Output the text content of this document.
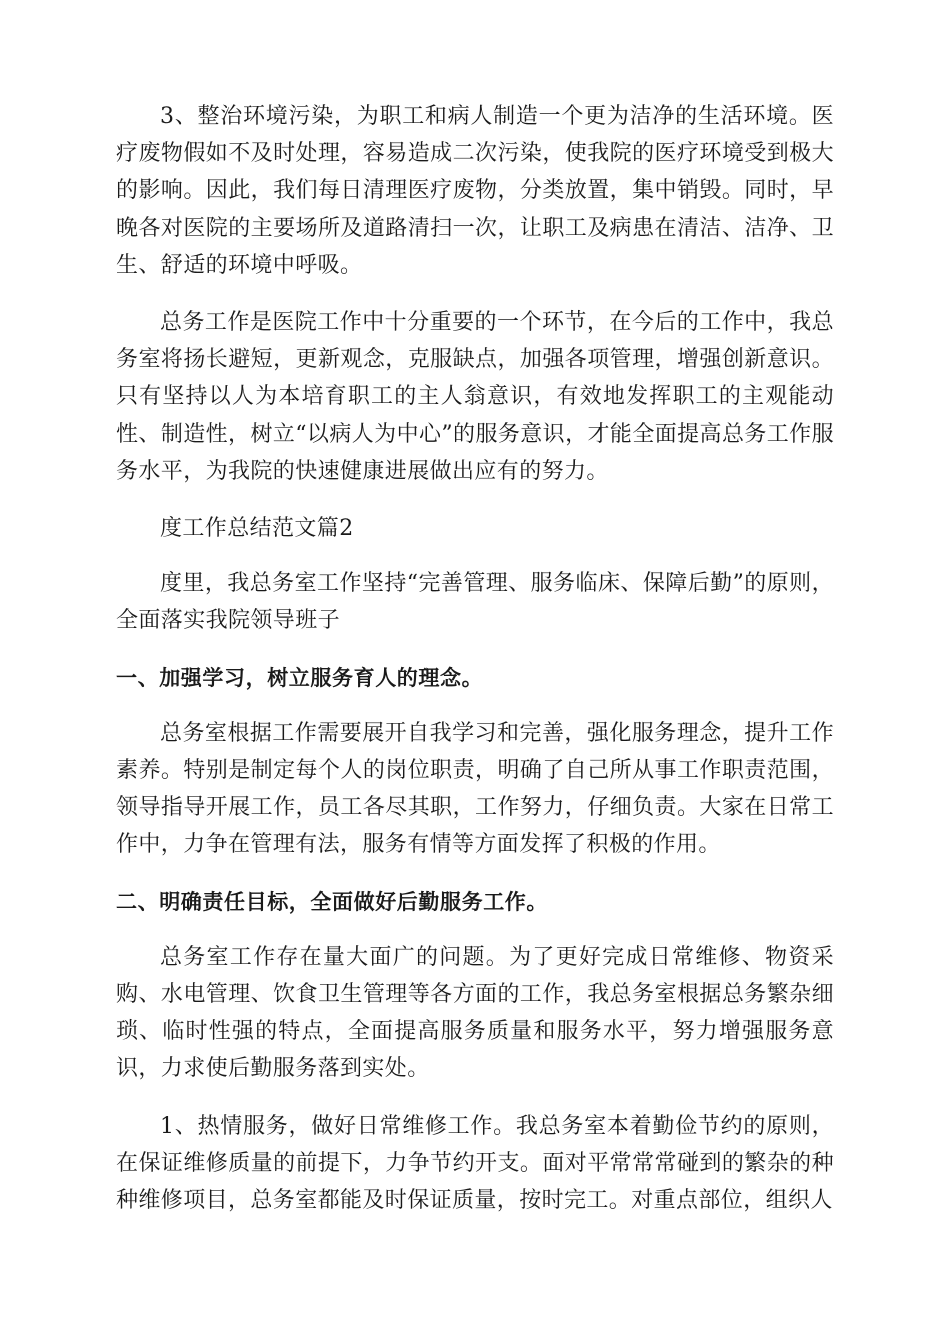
3、整治环境污染，为职工和病人制造一个更为洁净的生活环境。医疗废物假如不及时处理，容易造成二次污染，使我院的医疗环境受到极大的影响。因此，我们每日清理医疗废物，分类放置，集中销毁。同时，早晚各对医院的主要场所及道路清扫一次，让职工及病患在清洁、洁净、卫生、舒适的环境中呼吸。

总务工作是医院工作中十分重要的一个环节，在今后的工作中，我总务室将扬长避短，更新观念，克服缺点，加强各项管理，增强创新意识。只有坚持以人为本培育职工的主人翁意识，有效地发挥职工的主观能动性、制造性，树立“以病人为中心”的服务意识，才能全面提高总务工作服务水平，为我院的快速健康进展做出应有的努力。

度工作总结范文篇2

度里，我总务室工作坚持“完善管理、服务临床、保障后勤”的原则，全面落实我院领导班子

一、加强学习，树立服务育人的理念。

总务室根据工作需要展开自我学习和完善，强化服务理念，提升工作素养。特别是制定每个人的岗位职责，明确了自己所从事工作职责范围，领导指导开展工作，员工各尽其职，工作努力，仔细负责。大家在日常工作中，力争在管理有法，服务有情等方面发挥了积极的作用。

二、明确责任目标，全面做好后勤服务工作。

总务室工作存在量大面广的问题。为了更好完成日常维修、物资采购、水电管理、饮食卫生管理等各方面的工作，我总务室根据总务繁杂细琐、临时性强的特点，全面提高服务质量和服务水平，努力增强服务意识，力求使后勤服务落到实处。

1、热情服务，做好日常维修工作。我总务室本着勤俭节约的原则，在保证维修质量的前提下，力争节约开支。面对平常常常碰到的繁杂的种种维修项目，总务室都能及时保证质量，按时完工。对重点部位，组织人
